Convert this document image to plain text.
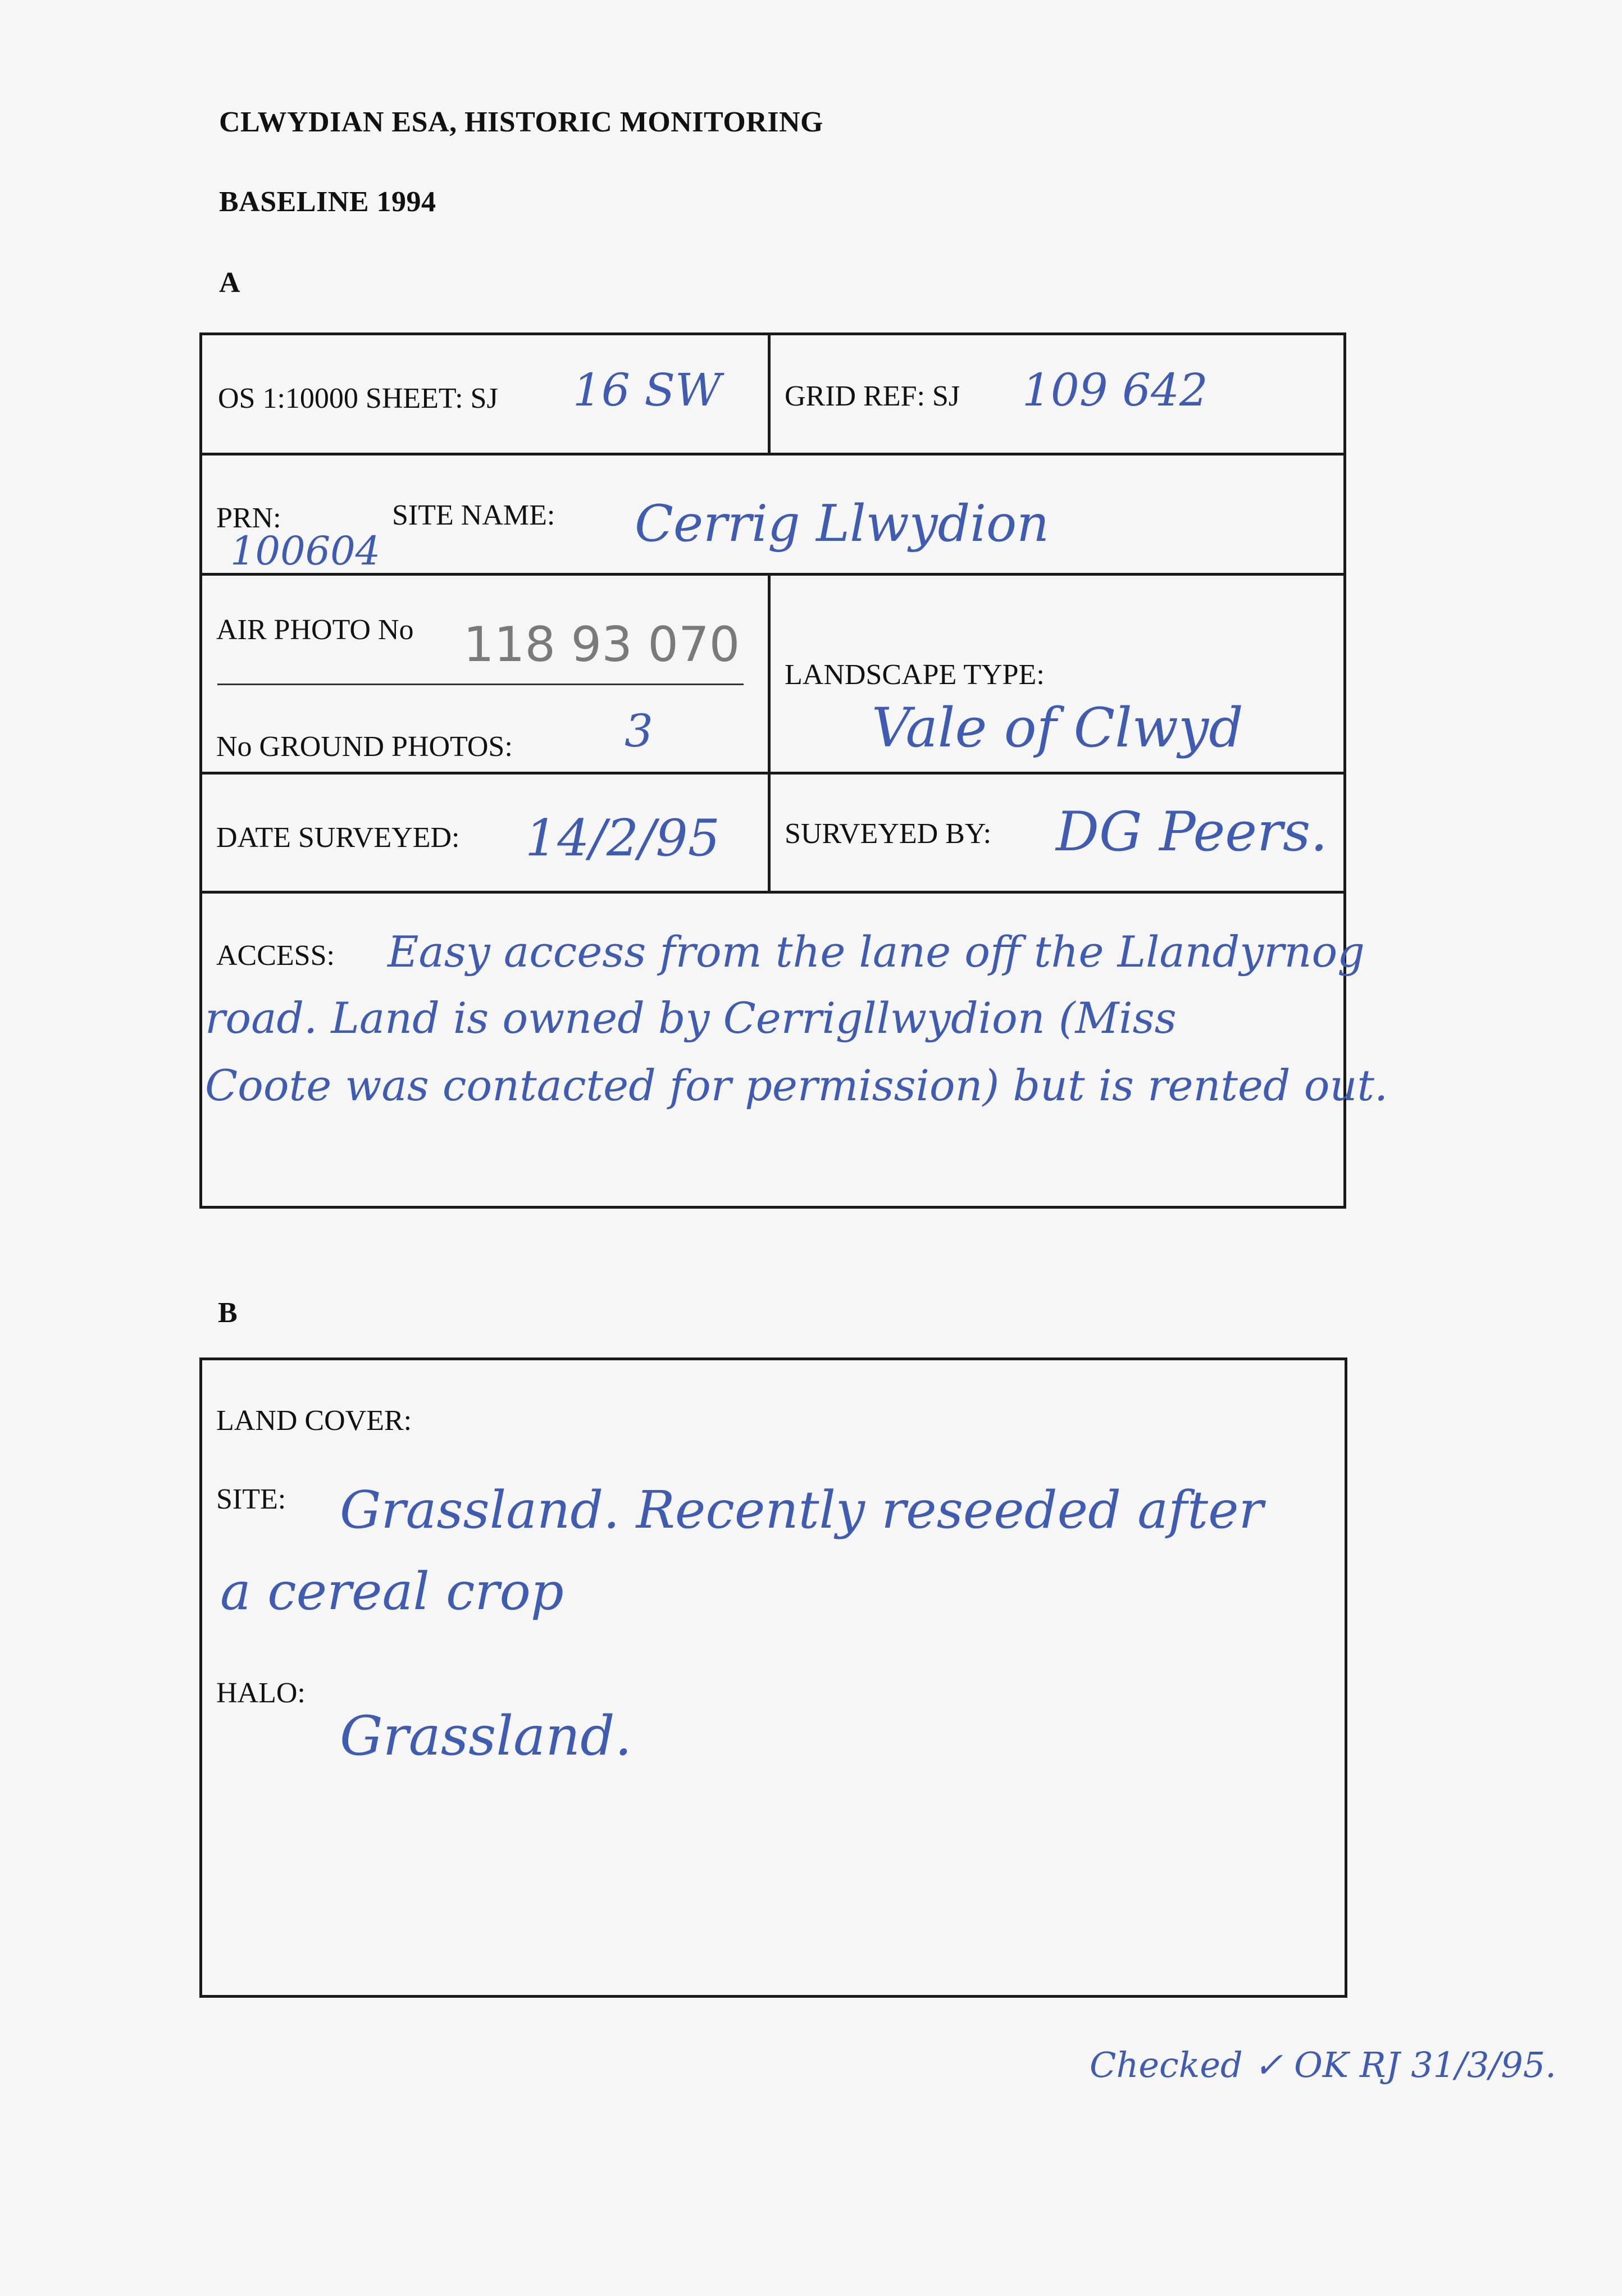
CLWYDIAN ESA, HISTORIC MONITORING
BASELINE 1994
A
OS 1:10000 SHEET: SJ 16 SW GRID REF: SJ 109 642
PRN:
100604
SITE NAME: Cerrig Llwydion
AIR PHOTO No 118 93 070
No GROUND PHOTOS: 3
LANDSCAPE TYPE:
Vale of Clwyd
DATE SURVEYED: 14/2/95 SURVEYED BY: DG Peers.
ACCESS: Easy access from the lane off the Llandyrnog
road. Land is owned by Cerrigllwydion (Miss
Coote was contacted for permission) but is rented out.
B
LAND COVER:
SITE: Grassland. Recently reseeded after
a cereal crop
HALO:
Grassland.
Checked ✓ OK RJ 31/3/95.
